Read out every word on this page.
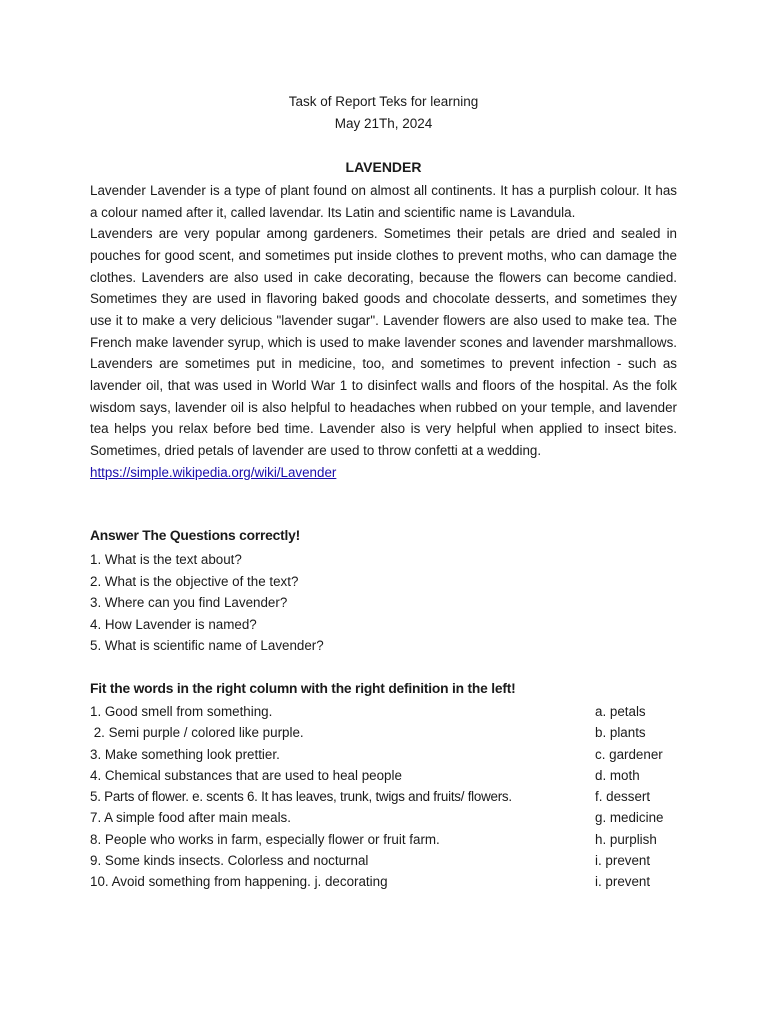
Task of Report Teks for learning
May 21Th, 2024
LAVENDER

Lavender Lavender is a type of plant found on almost all continents. It has a purplish colour. It has a colour named after it, called lavendar. Its Latin and scientific name is Lavandula.

Lavenders are very popular among gardeners. Sometimes their petals are dried and sealed in pouches for good scent, and sometimes put inside clothes to prevent moths, who can damage the clothes. Lavenders are also used in cake decorating, because the flowers can become candied. Sometimes they are used in flavoring baked goods and chocolate desserts, and sometimes they use it to make a very delicious "lavender sugar". Lavender flowers are also used to make tea. The French make lavender syrup, which is used to make lavender scones and lavender marshmallows. Lavenders are sometimes put in medicine, too, and sometimes to prevent infection - such as lavender oil, that was used in World War 1 to disinfect walls and floors of the hospital. As the folk wisdom says, lavender oil is also helpful to headaches when rubbed on your temple, and lavender tea helps you relax before bed time. Lavender also is very helpful when applied to insect bites. Sometimes, dried petals of lavender are used to throw confetti at a wedding.

https://simple.wikipedia.org/wiki/Lavender

Answer The Questions correctly!
1. What is the text about?
2. What is the objective of the text?
3. Where can you find Lavender?
4. How Lavender is named?
5. What is scientific name of Lavender?
Fit the words in the right column with the right definition in the left!
1. Good smell from something.	a. petals
2. Semi purple / colored like purple.	b. plants
3. Make something look prettier.	c. gardener
4. Chemical substances that are used to heal people	d. moth
5. Parts of flower. e. scents 6. It has leaves, trunk, twigs and fruits/ flowers.	f. dessert
7. A simple food after main meals.	g. medicine
8. People who works in farm, especially flower or fruit farm.	h. purplish
9. Some kinds insects. Colorless and nocturnal	i. prevent
10. Avoid something from happening. j. decorating	i. prevent
